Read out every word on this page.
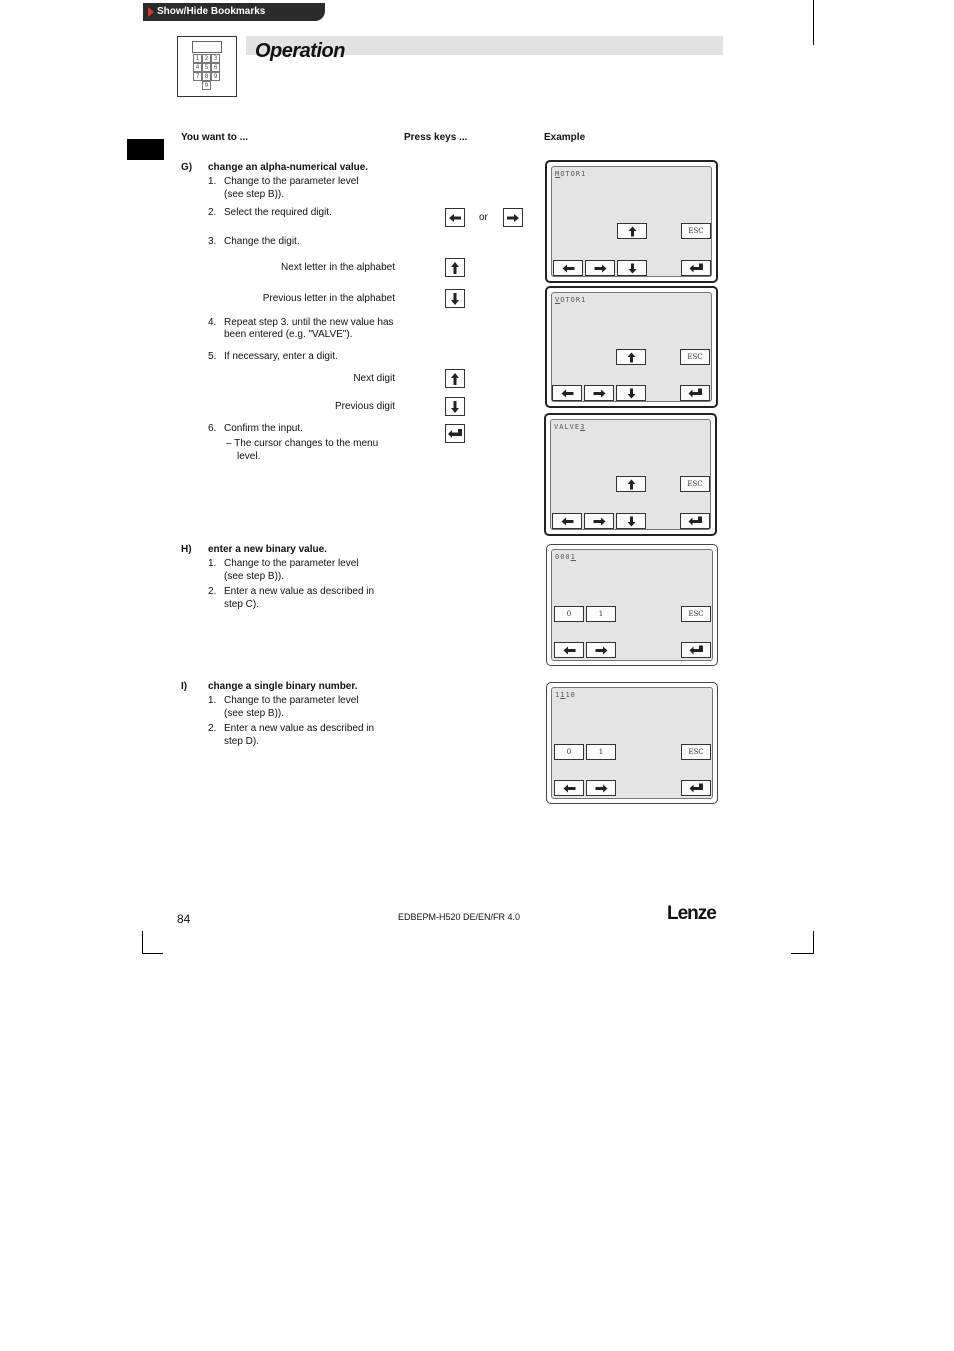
Show/Hide Bookmarks
1 2 3
4 5 6
7 8 9
0
Operation
You want to ...	Press keys ...	Example
G) change an alpha-numerical value.
1. Change to the parameter level
(see step B)).
2. Select the required digit.
3. Change the digit.
Next letter in the alphabet
Previous letter in the alphabet
4. Repeat step 3. until the new value has
been entered (e.g. "VALVE").
5. If necessary, enter a digit.
Next digit
Previous digit
6. Confirm the input.
– The cursor changes to the menu
level.
or
H) enter a new binary value.
1. Change to the parameter level
(see step B)).
2. Enter a new value as described in
step C).
I) change a single binary number.
1. Change to the parameter level
(see step B)).
2. Enter a new value as described in
step D).
MOTOR1
ESC
VOTOR1
ESC
VALVE3
ESC
0001
0	1	ESC
1110
0	1	ESC
84	EDBEPM-H520 DE/EN/FR 4.0	Lenze
